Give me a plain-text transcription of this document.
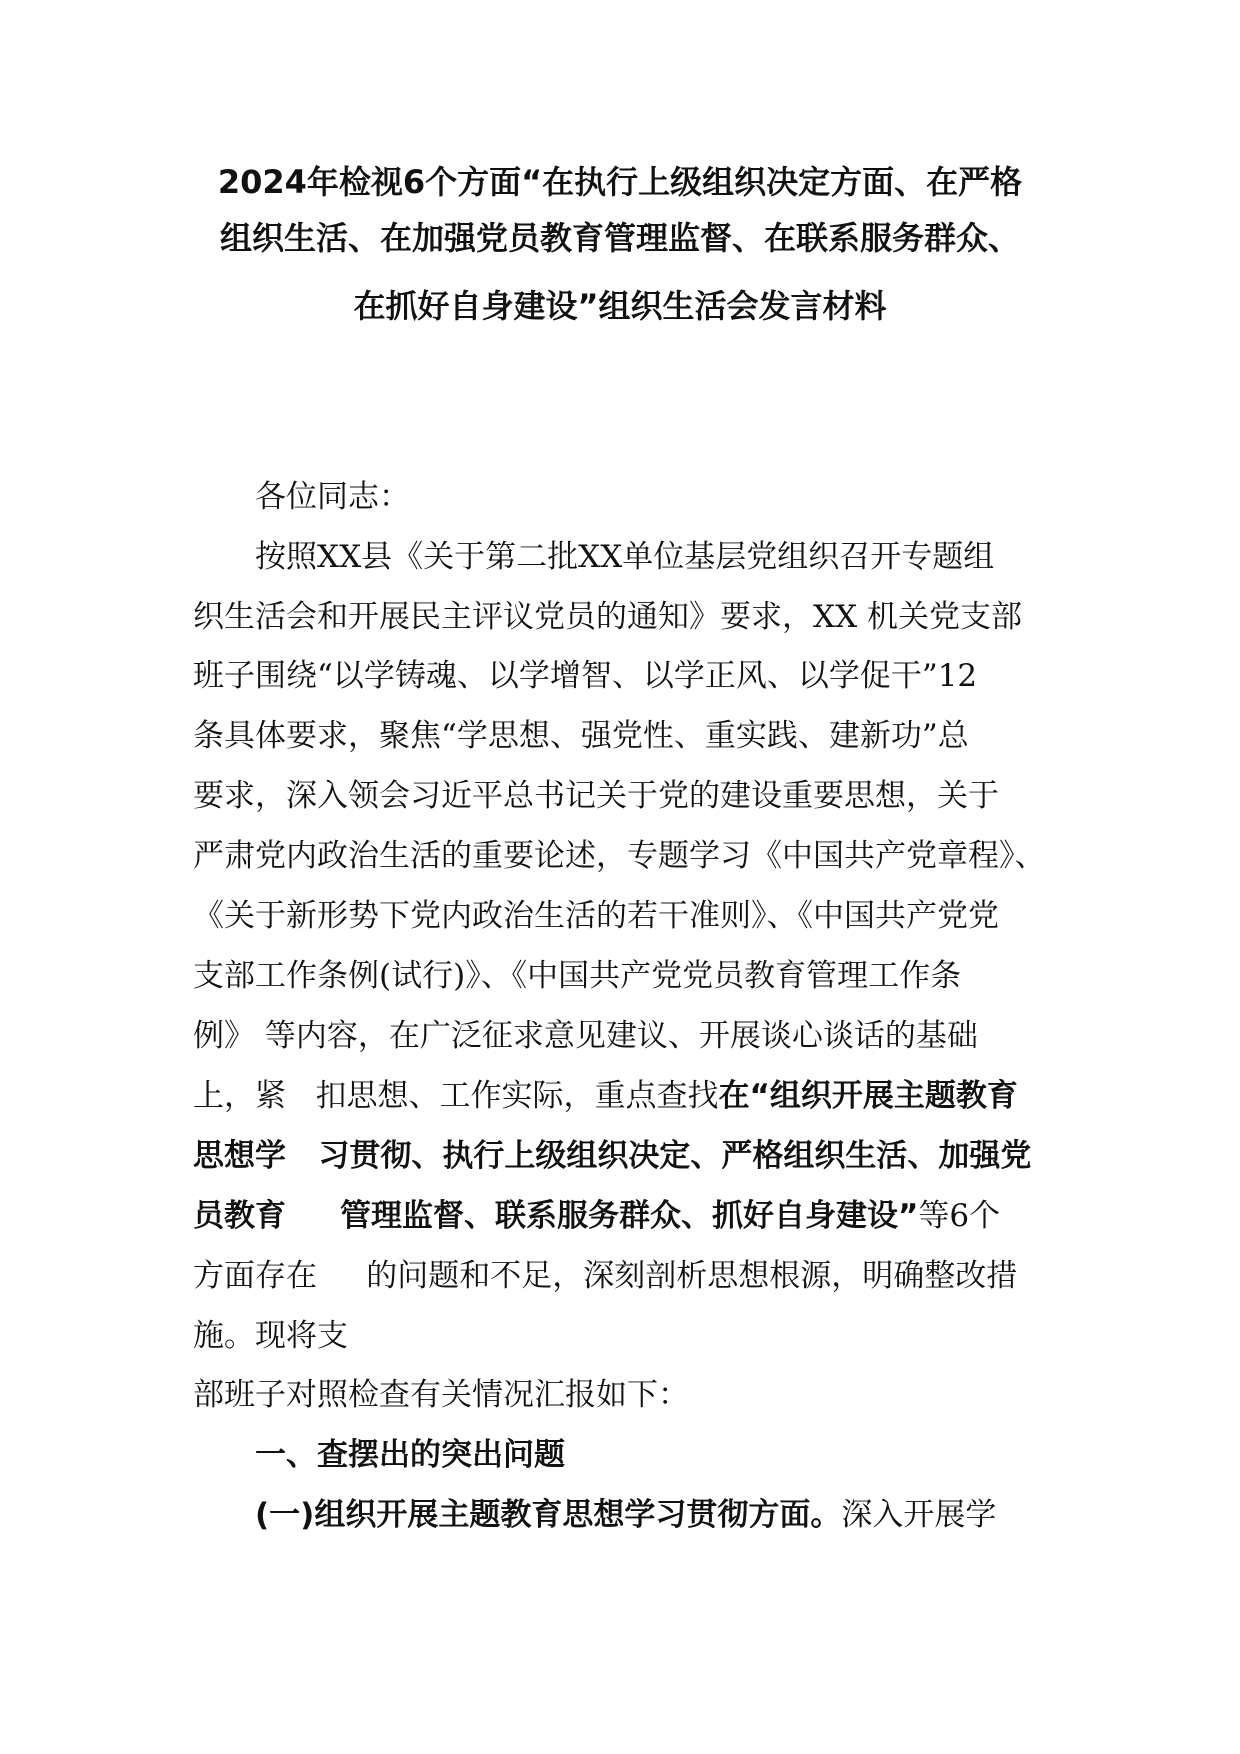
2024年检视6个方面“在执行上级组织决定方面、在严格
组织生活、在加强党员教育管理监督、在联系服务群众、
在抓好自身建设”组织生活会发言材料

各位同志：

按照XX县《关于第二批XX单位基层党组织召开专题组

织生活会和开展民主评议党员的通知》要求，XX 机关党支部

班子围绕“以学铸魂、以学增智、以学正风、以学促干”12

条具体要求，聚焦“学思想、强党性、重实践、建新功”总

要求，深入领会习近平总书记关于党的建设重要思想，关于

严肃党内政治生活的重要论述，专题学习《中国共产党章程》、

《关于新形势下党内政治生活的若干准则》、《中国共产党党

支部工作条例(试行)》、《中国共产党党员教育管理工作条

例》 等内容，在广泛征求意见建议、开展谈心谈话的基础

上，紧   扣思想、工作实际，重点查找在“组织开展主题教育

思想学   习贯彻、执行上级组织决定、严格组织生活、加强党

员教育     管理监督、联系服务群众、抓好自身建设”等6个

方面存在     的问题和不足，深刻剖析思想根源，明确整改措

施。现将支

部班子对照检查有关情况汇报如下：

一、查摆出的突出问题

(一)组织开展主题教育思想学习贯彻方面。深入开展学
